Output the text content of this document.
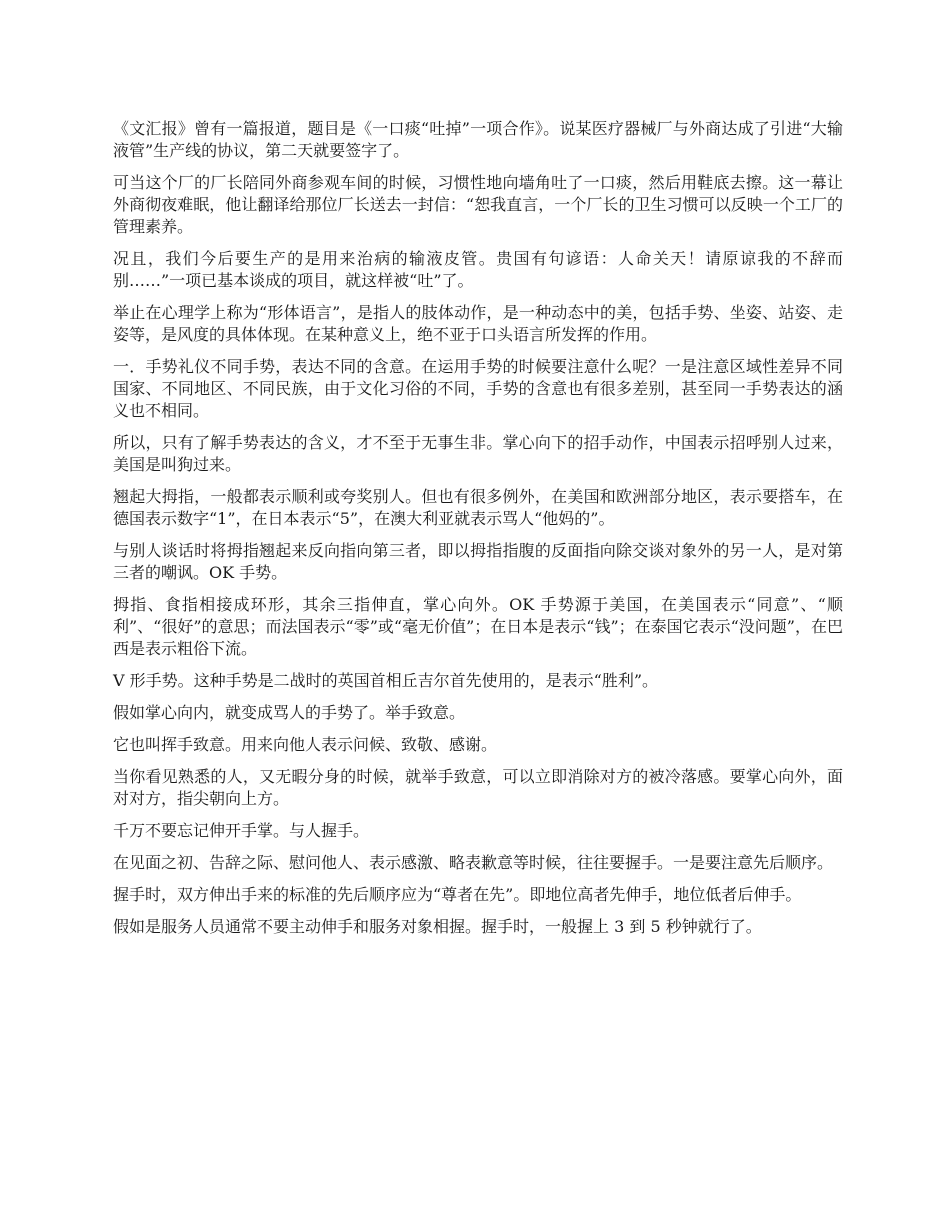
《文汇报》曾有一篇报道，题目是《一口痰“吐掉”一项合作》。说某医疗器械厂与外商达成了引进“大输液管”生产线的协议，第二天就要签字了。

可当这个厂的厂长陪同外商参观车间的时候，习惯性地向墙角吐了一口痰，然后用鞋底去擦。这一幕让外商彻夜难眠，他让翻译给那位厂长送去一封信：“恕我直言，一个厂长的卫生习惯可以反映一个工厂的管理素养。

况且，我们今后要生产的是用来治病的输液皮管。贵国有句谚语：人命关天！请原谅我的不辞而别……”一项已基本谈成的项目，就这样被“吐”了。

举止在心理学上称为“形体语言”，是指人的肢体动作，是一种动态中的美，包括手势、坐姿、站姿、走姿等，是风度的具体体现。在某种意义上，绝不亚于口头语言所发挥的作用。

一．手势礼仪不同手势，表达不同的含意。在运用手势的时候要注意什么呢？一是注意区域性差异不同国家、不同地区、不同民族，由于文化习俗的不同，手势的含意也有很多差别，甚至同一手势表达的涵义也不相同。

所以，只有了解手势表达的含义，才不至于无事生非。掌心向下的招手动作，中国表示招呼别人过来，美国是叫狗过来。

翘起大拇指，一般都表示顺利或夸奖别人。但也有很多例外，在美国和欧洲部分地区，表示要搭车，在德国表示数字“1”，在日本表示“5”，在澳大利亚就表示骂人“他妈的”。

与别人谈话时将拇指翘起来反向指向第三者，即以拇指指腹的反面指向除交谈对象外的另一人，是对第三者的嘲讽。OK 手势。

拇指、食指相接成环形，其余三指伸直，掌心向外。OK 手势源于美国，在美国表示“同意”、“顺利”、“很好”的意思；而法国表示“零”或“毫无价值”；在日本是表示“钱”；在泰国它表示“没问题”，在巴西是表示粗俗下流。

V 形手势。这种手势是二战时的英国首相丘吉尔首先使用的，是表示“胜利”。

假如掌心向内，就变成骂人的手势了。举手致意。

它也叫挥手致意。用来向他人表示问候、致敬、感谢。

当你看见熟悉的人，又无暇分身的时候，就举手致意，可以立即消除对方的被冷落感。要掌心向外，面对对方，指尖朝向上方。

千万不要忘记伸开手掌。与人握手。

在见面之初、告辞之际、慰问他人、表示感激、略表歉意等时候，往往要握手。一是要注意先后顺序。

握手时，双方伸出手来的标准的先后顺序应为“尊者在先”。即地位高者先伸手，地位低者后伸手。

假如是服务人员通常不要主动伸手和服务对象相握。握手时，一般握上 3 到 5 秒钟就行了。
